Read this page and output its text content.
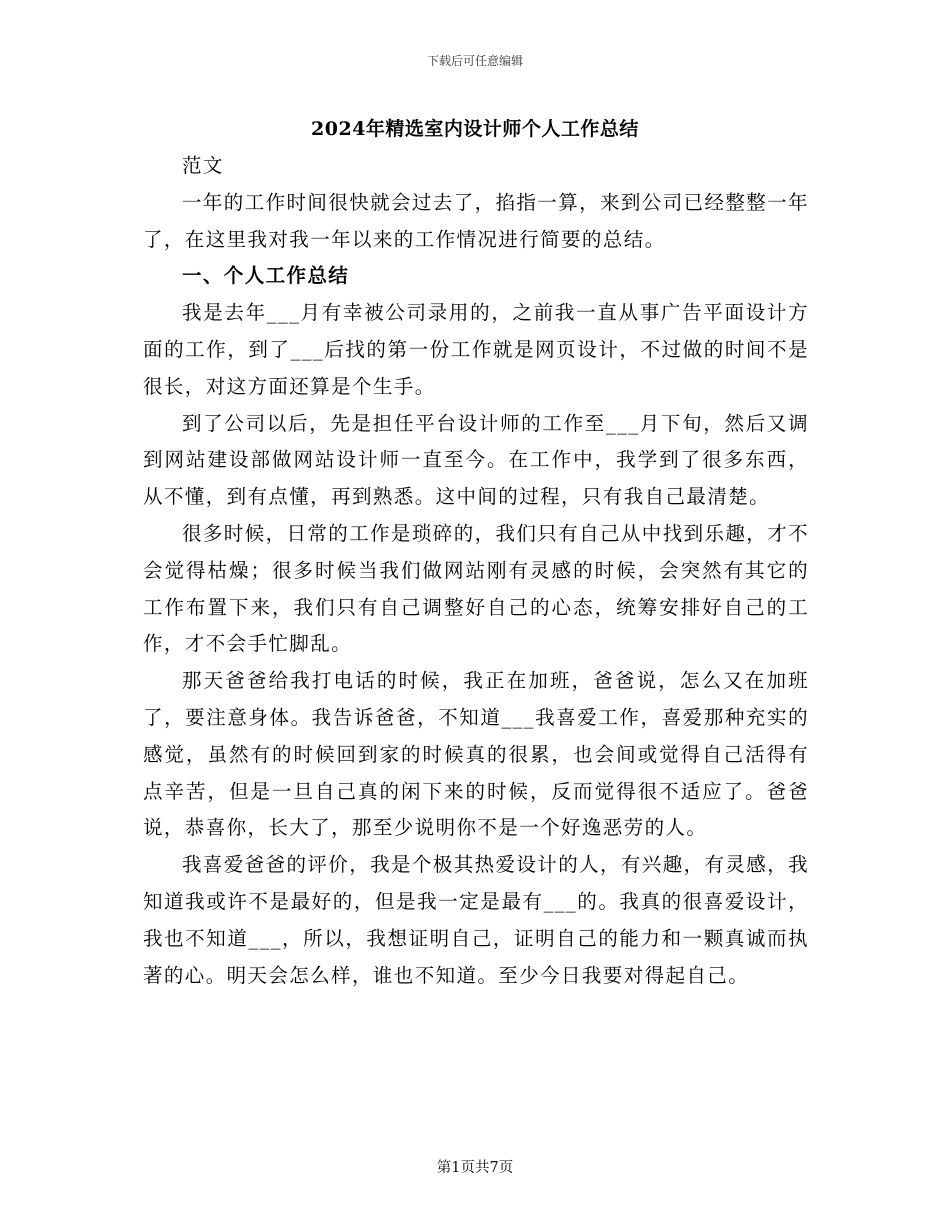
下载后可任意编辑
2024年精选室内设计师个人工作总结

范文

一年的工作时间很快就会过去了，掐指一算，来到公司已经整整一年了，在这里我对我一年以来的工作情况进行简要的总结。

一、个人工作总结

我是去年___月有幸被公司录用的，之前我一直从事广告平面设计方面的工作，到了___后找的第一份工作就是网页设计，不过做的时间不是很长，对这方面还算是个生手。

到了公司以后，先是担任平台设计师的工作至___月下旬，然后又调到网站建设部做网站设计师一直至今。在工作中，我学到了很多东西，从不懂，到有点懂，再到熟悉。这中间的过程，只有我自己最清楚。

很多时候，日常的工作是琐碎的，我们只有自己从中找到乐趣，才不会觉得枯燥；很多时候当我们做网站刚有灵感的时候，会突然有其它的工作布置下来，我们只有自己调整好自己的心态，统筹安排好自己的工作，才不会手忙脚乱。

那天爸爸给我打电话的时候，我正在加班，爸爸说，怎么又在加班了，要注意身体。我告诉爸爸，不知道___我喜爱工作，喜爱那种充实的感觉，虽然有的时候回到家的时候真的很累，也会间或觉得自己活得有点辛苦，但是一旦自己真的闲下来的时候，反而觉得很不适应了。爸爸说，恭喜你，长大了，那至少说明你不是一个好逸恶劳的人。

我喜爱爸爸的评价，我是个极其热爱设计的人，有兴趣，有灵感，我知道我或许不是最好的，但是我一定是最有___的。我真的很喜爱设计，我也不知道___，所以，我想证明自己，证明自己的能力和一颗真诚而执著的心。明天会怎么样，谁也不知道。至少今日我要对得起自己。

第1页共7页
